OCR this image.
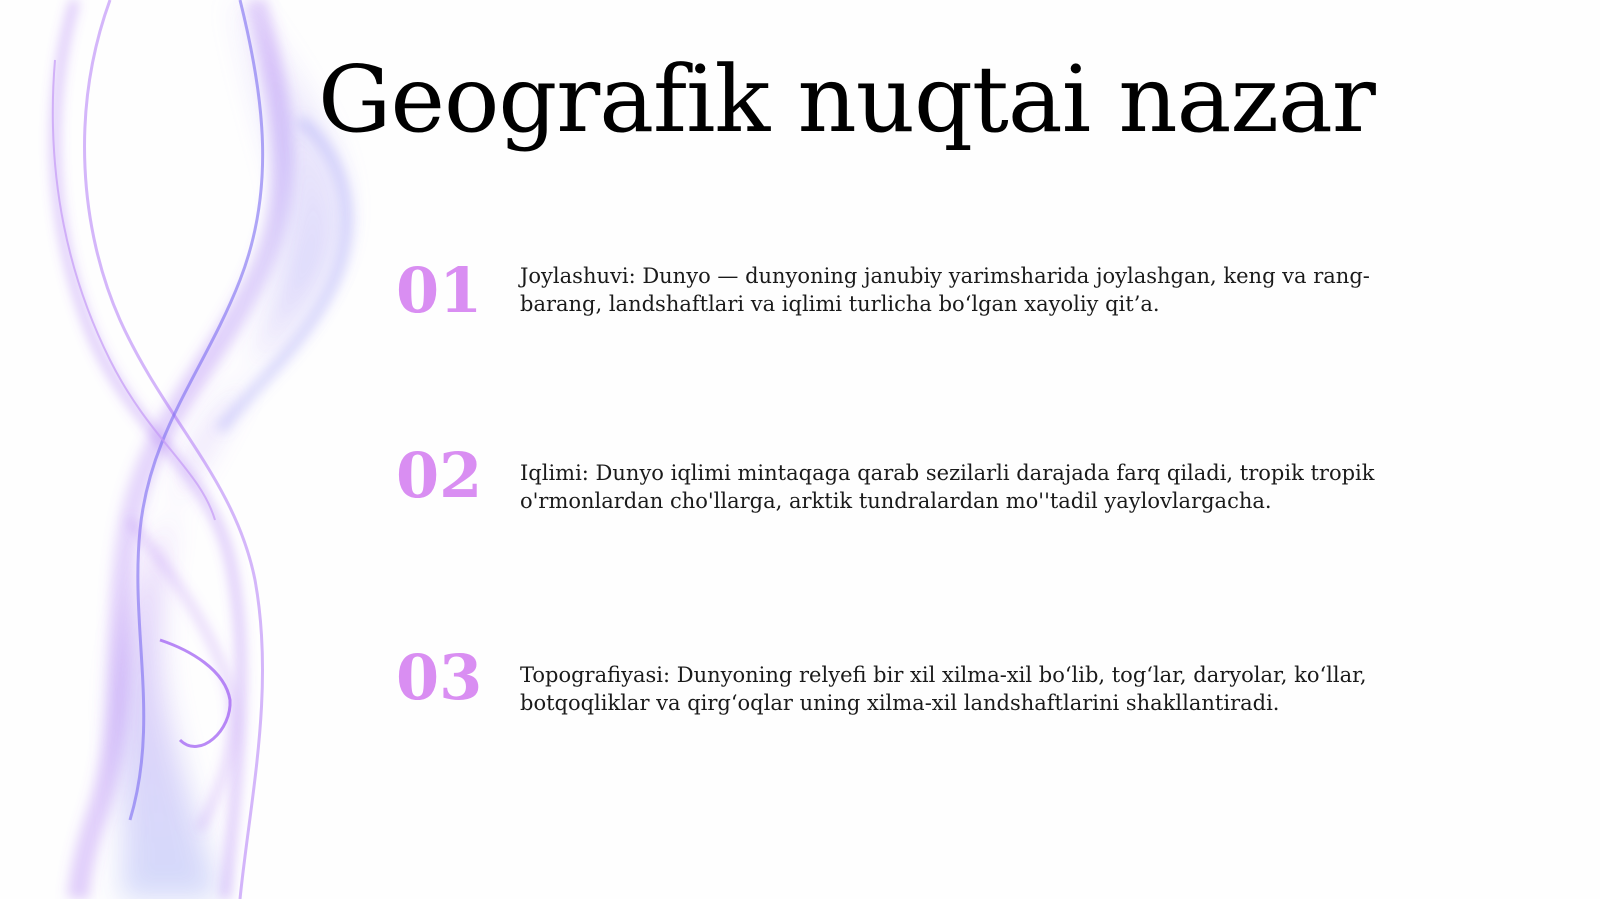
Geografik nuqtai nazar
01	Joylashuvi: Dunyo — dunyoning janubiy yarimsharida joylashgan, keng va rang-barang, landshaftlari va iqlimi turlicha bo‘lgan xayoliy qit’a.

02	Iqlimi: Dunyo iqlimi mintaqaga qarab sezilarli darajada farq qiladi, tropik tropik o'rmonlardan cho'llarga, arktik tundralardan mo''tadil yaylovlargacha.

03	Topografiyasi: Dunyoning relyefi bir xil xilma-xil bo‘lib, tog‘lar, daryolar, ko‘llar, botqoqliklar va qirg‘oqlar uning xilma-xil landshaftlarini shakllantiradi.
